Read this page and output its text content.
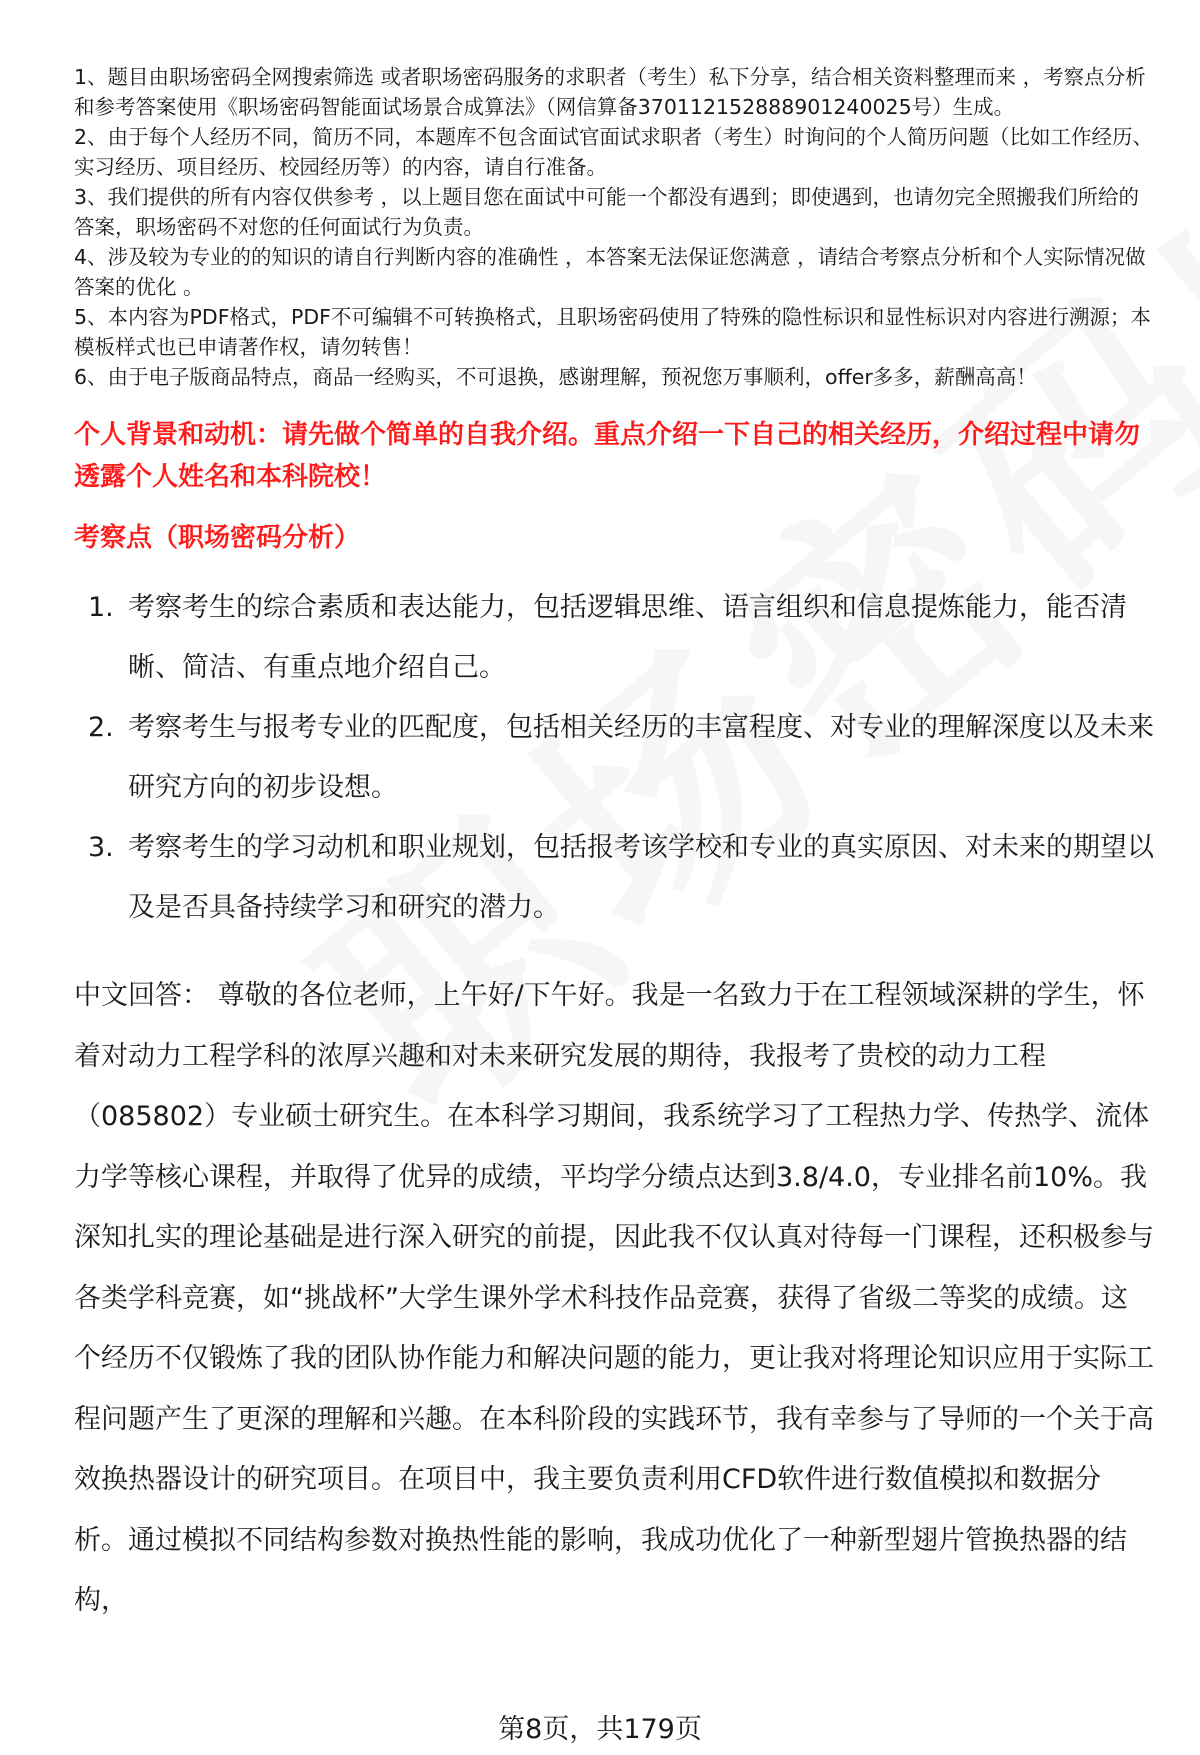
1、题目由职场密码全网搜索筛选 或者职场密码服务的求职者（考生）私下分享，结合相关资料整理而来 ，考察点分析和参考答案使用《职场密码智能面试场景合成算法》（网信算备370112152888901240025号）生成。
2、由于每个人经历不同，简历不同，本题库不包含面试官面试求职者（考生）时询问的个人简历问题（比如工作经历、实习经历、项目经历、校园经历等）的内容，请自行准备。
3、我们提供的所有内容仅供参考 ，以上题目您在面试中可能一个都没有遇到；即使遇到，也请勿完全照搬我们所给的答案，职场密码不对您的任何面试行为负责。
4、涉及较为专业的的知识的请自行判断内容的准确性 ，本答案无法保证您满意 ，请结合考察点分析和个人实际情况做答案的优化 。
5、本内容为PDF格式，PDF不可编辑不可转换格式，且职场密码使用了特殊的隐性标识和显性标识对内容进行溯源；本模板样式也已申请著作权，请勿转售！
6、由于电子版商品特点，商品一经购买，不可退换，感谢理解，预祝您万事顺利，offer多多，薪酬高高！
个人背景和动机：请先做个简单的自我介绍。重点介绍一下自己的相关经历，介绍过程中请勿透露个人姓名和本科院校！
考察点（职场密码分析）
1. 考察考生的综合素质和表达能力，包括逻辑思维、语言组织和信息提炼能力，能否清晰、简洁、有重点地介绍自己。
2. 考察考生与报考专业的匹配度，包括相关经历的丰富程度、对专业的理解深度以及未来研究方向的初步设想。
3. 考察考生的学习动机和职业规划，包括报考该学校和专业的真实原因、对未来的期望以及是否具备持续学习和研究的潜力。

中文回答： 尊敬的各位老师，上午好/下午好。我是一名致力于在工程领域深耕的学生，怀着对动力工程学科的浓厚兴趣和对未来研究发展的期待，我报考了贵校的动力工程（085802）专业硕士研究生。在本科学习期间，我系统学习了工程热力学、传热学、流体力学等核心课程，并取得了优异的成绩，平均学分绩点达到3.8/4.0，专业排名前10%。我深知扎实的理论基础是进行深入研究的前提，因此我不仅认真对待每一门课程，还积极参与各类学科竞赛，如“挑战杯”大学生课外学术科技作品竞赛，获得了省级二等奖的成绩。这个经历不仅锻炼了我的团队协作能力和解决问题的能力，更让我对将理论知识应用于实际工程问题产生了更深的理解和兴趣。在本科阶段的实践环节，我有幸参与了导师的一个关于高效换热器设计的研究项目。在项目中，我主要负责利用CFD软件进行数值模拟和数据分析。通过模拟不同结构参数对换热性能的影响，我成功优化了一种新型翅片管换热器的结构，

第8页，共179页
